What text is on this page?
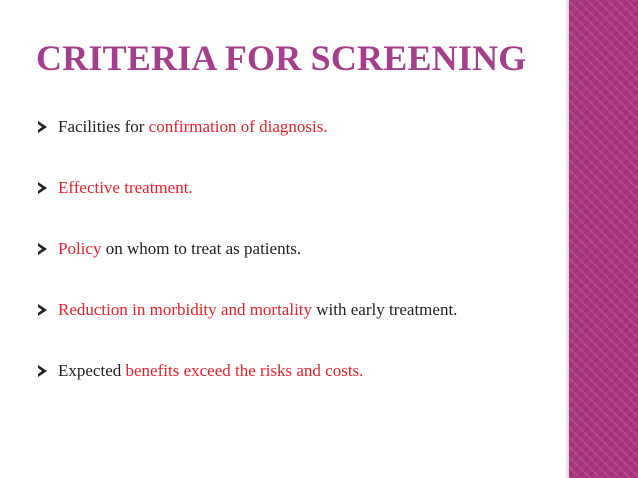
CRITERIA FOR SCREENING
Facilities for confirmation of diagnosis.
Effective treatment.
Policy on whom to treat as patients.
Reduction in morbidity and mortality with early treatment.
Expected benefits exceed the risks and costs.
